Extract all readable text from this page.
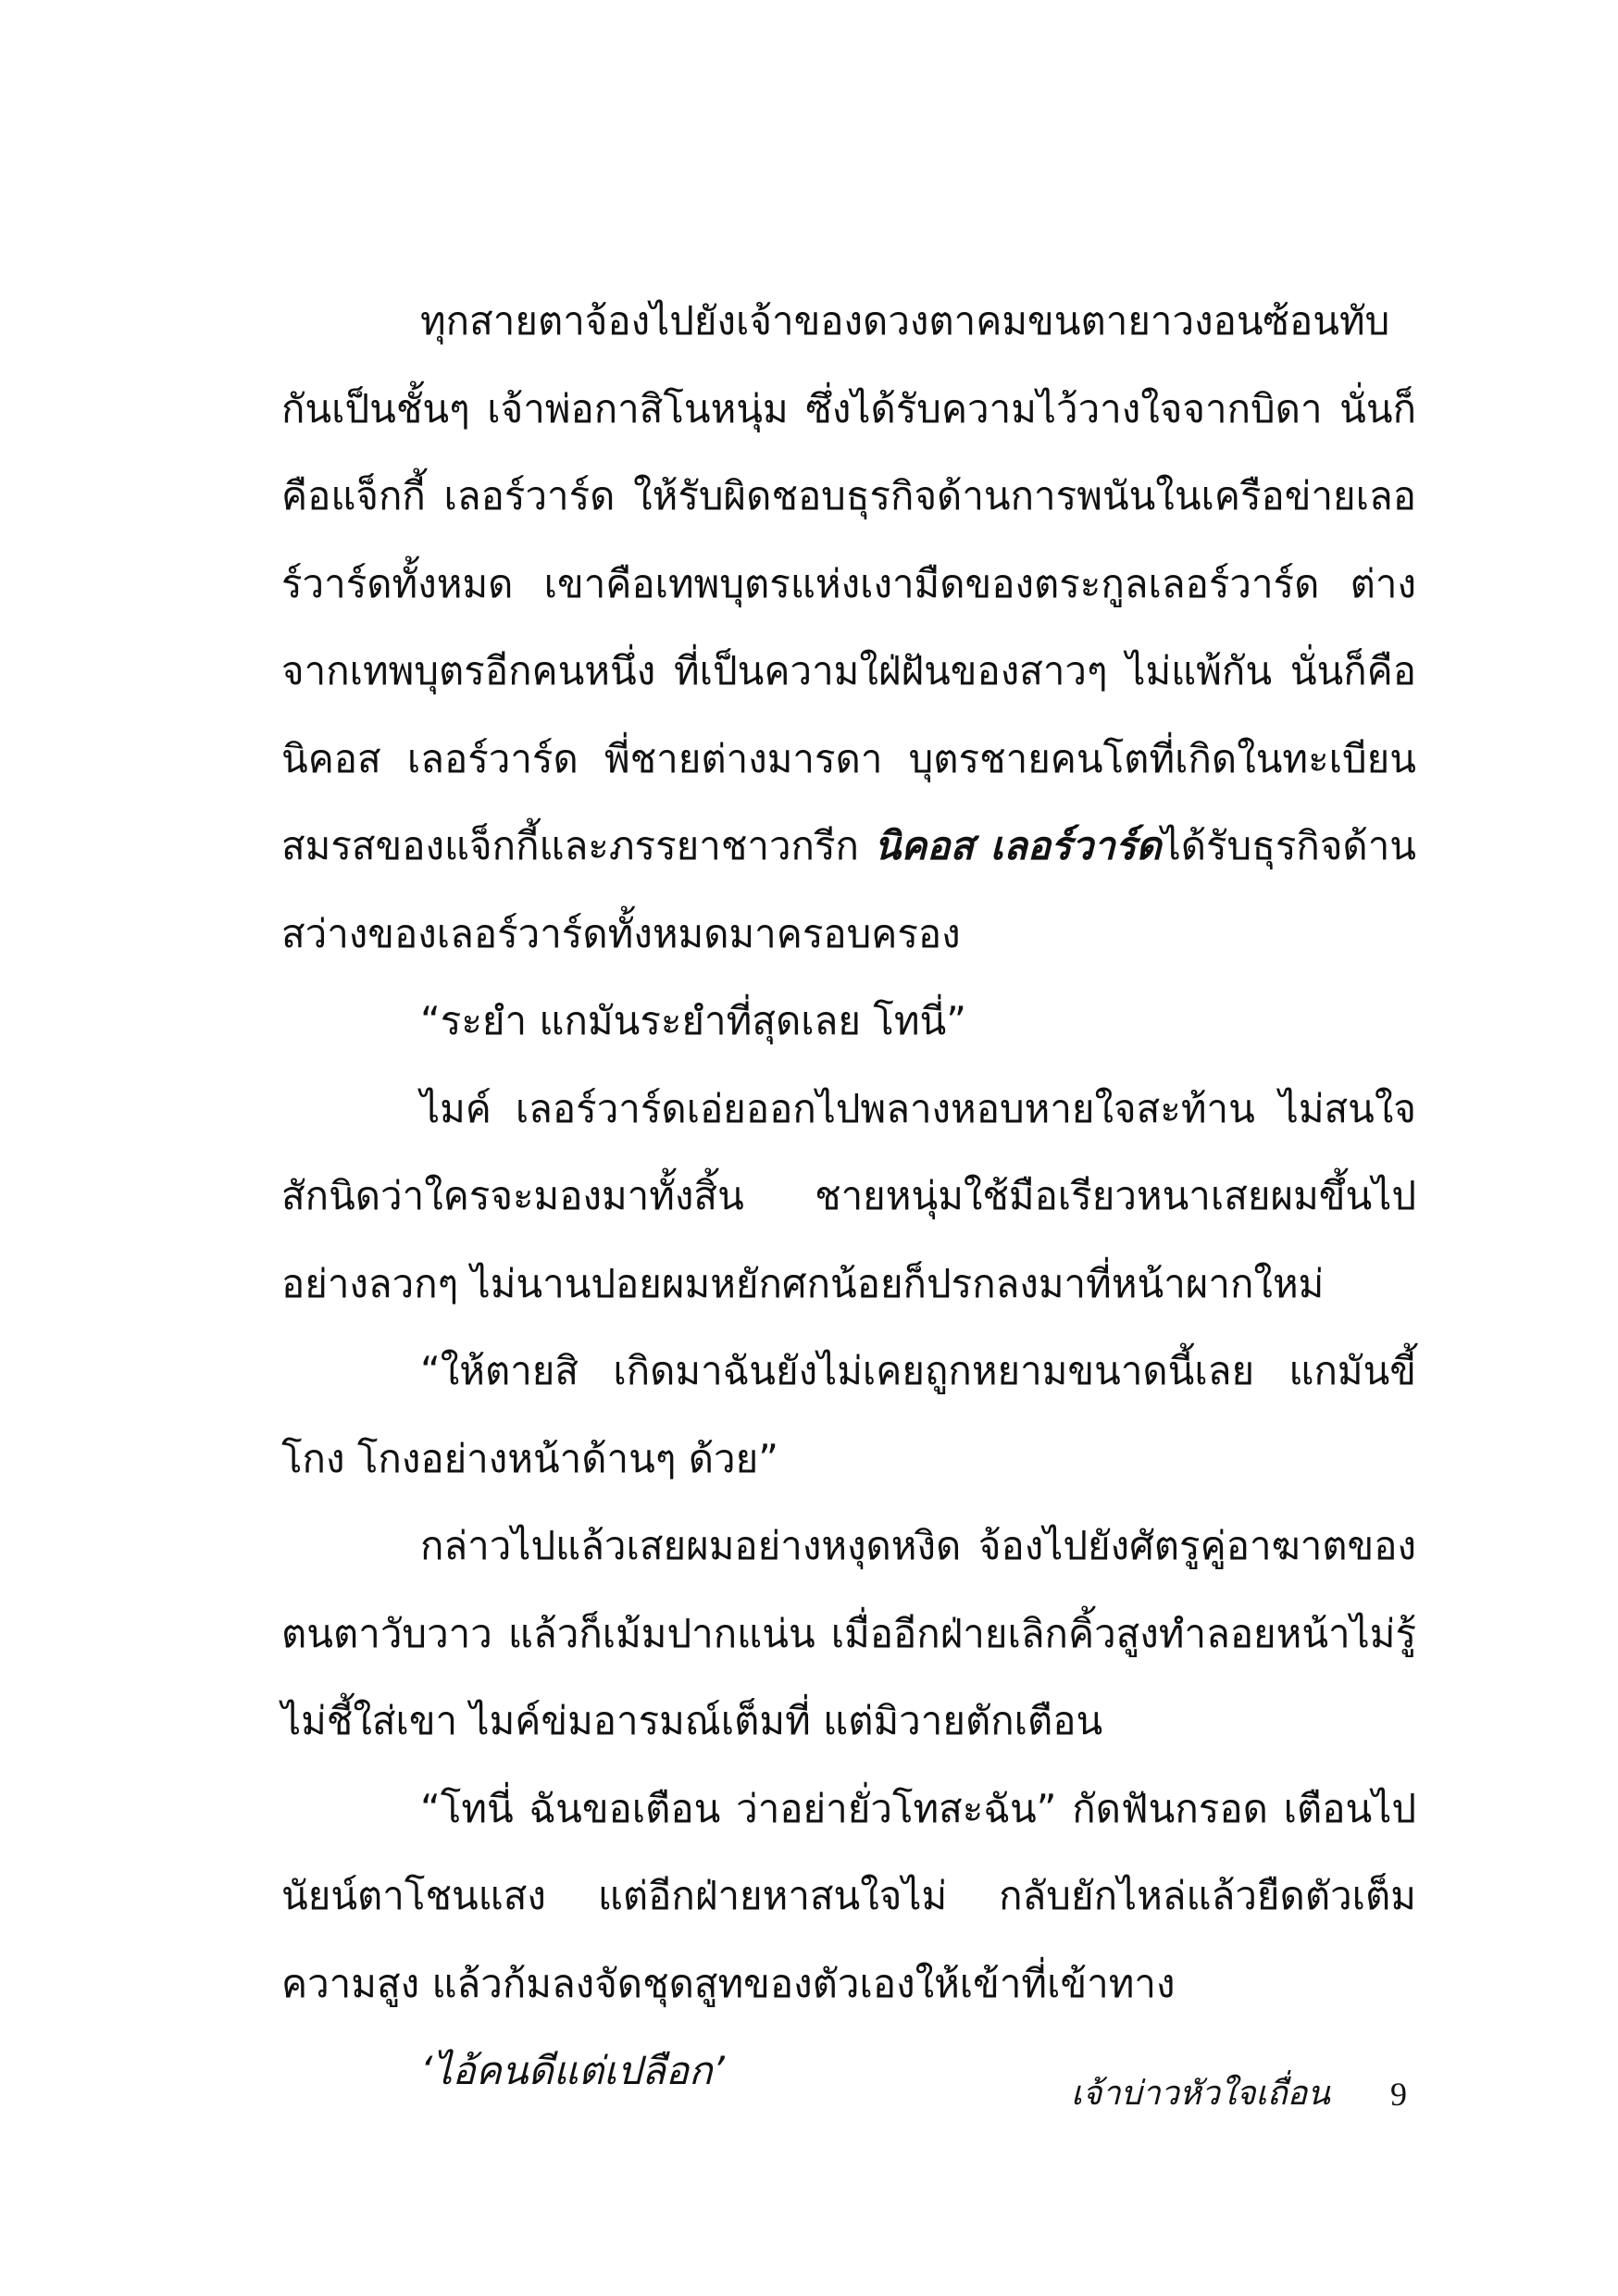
ทุกสายตาจ้องไปยังเจ้าของดวงตาคมขนตายาวงอนซ้อนทับกันเป็นชั้นๆ เจ้าพ่อกาสิโนหนุ่ม ซึ่งได้รับความไว้วางใจจากบิดา นั่นก็คือแจ็กกี้ เลอร์วาร์ด ให้รับผิดชอบธุรกิจด้านการพนันในเครือข่ายเลอร์วาร์ดทั้งหมด เขาคือเทพบุตรแห่งเงามืดของตระกูลเลอร์วาร์ด ต่างจากเทพบุตรอีกคนหนึ่ง ที่เป็นความใฝ่ฝันของสาวๆ ไม่แพ้กัน นั่นก็คือนิคอส เลอร์วาร์ด พี่ชายต่างมารดา บุตรชายคนโตที่เกิดในทะเบียนสมรสของแจ็กกี้และภรรยาชาวกรีก นิคอส เลอร์วาร์ดได้รับธุรกิจด้านสว่างของเลอร์วาร์ดทั้งหมดมาครอบครอง

“ระยำ แกมันระยำที่สุดเลย โทนี่”

ไมค์ เลอร์วาร์ดเอ่ยออกไปพลางหอบหายใจสะท้าน ไม่สนใจสักนิดว่าใครจะมองมาทั้งสิ้น ชายหนุ่มใช้มือเรียวหนาเสยผมขึ้นไปอย่างลวกๆ ไม่นานปอยผมหยักศกน้อยก็ปรกลงมาที่หน้าผากใหม่

“ให้ตายสิ เกิดมาฉันยังไม่เคยถูกหยามขนาดนี้เลย แกมันขี้โกง โกงอย่างหน้าด้านๆ ด้วย”

กล่าวไปแล้วเสยผมอย่างหงุดหงิด จ้องไปยังศัตรูคู่อาฆาตของตนตาวับวาว แล้วก็เม้มปากแน่น เมื่ออีกฝ่ายเลิกคิ้วสูงทำลอยหน้าไม่รู้ไม่ชี้ใส่เขา ไมค์ข่มอารมณ์เต็มที่ แต่มิวายตักเตือน

“โทนี่ ฉันขอเตือน ว่าอย่ายั่วโทสะฉัน” กัดฟันกรอด เตือนไปนัยน์ตาโชนแสง แต่อีกฝ่ายหาสนใจไม่ กลับยักไหล่แล้วยืดตัวเต็มความสูง แล้วก้มลงจัดชุดสูทของตัวเองให้เข้าที่เข้าทาง

‘ไอ้คนดีแต่เปลือก’

เจ้าบ่าวหัวใจเถื่อน 9
